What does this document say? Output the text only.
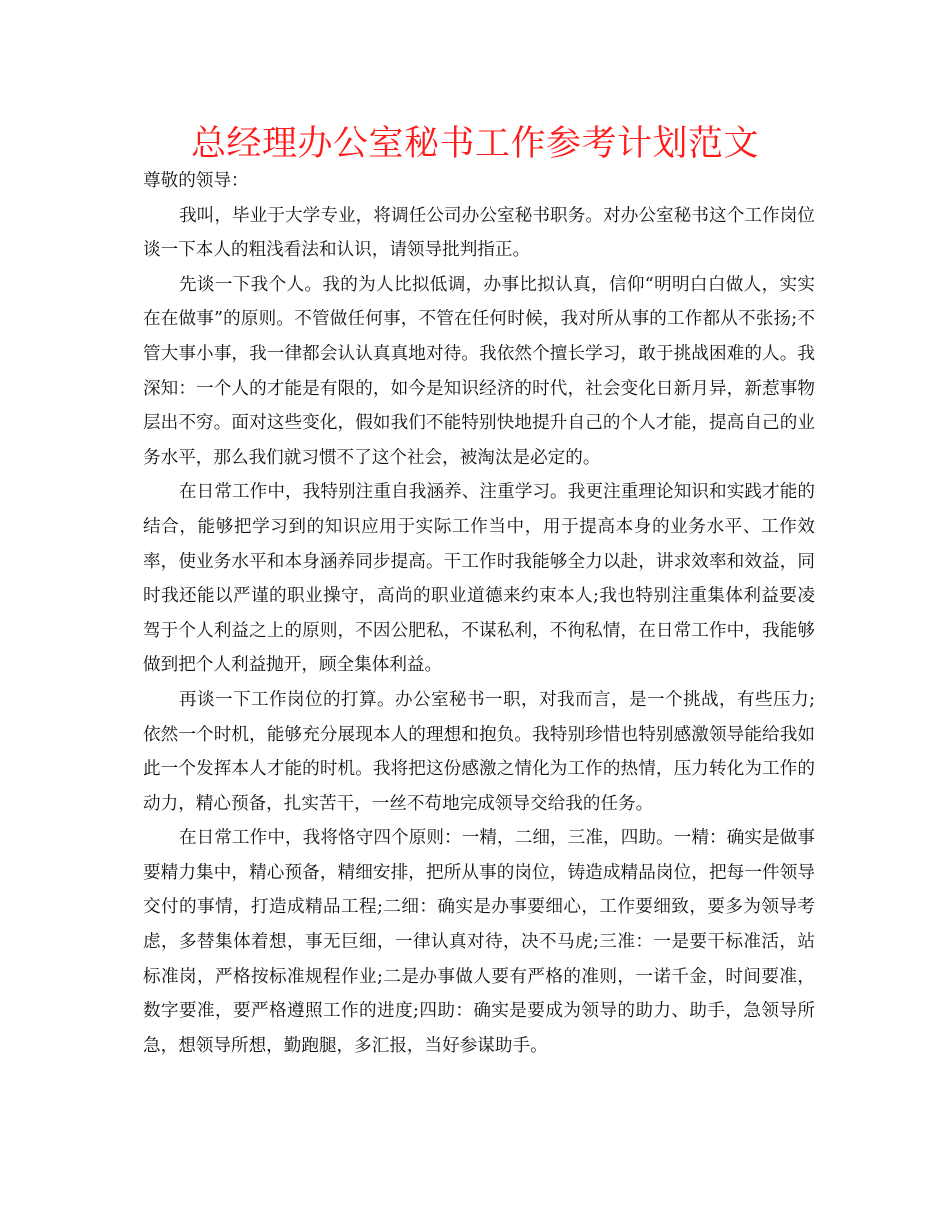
总经理办公室秘书工作参考计划范文

尊敬的领导：

我叫，毕业于大学专业，将调任公司办公室秘书职务。对办公室秘书这个工作岗位谈一下本人的粗浅看法和认识，请领导批判指正。

先谈一下我个人。我的为人比拟低调，办事比拟认真，信仰“明明白白做人，实实在在做事”的原则。不管做任何事，不管在任何时候，我对所从事的工作都从不张扬;不管大事小事，我一律都会认认真真地对待。我依然个擅长学习，敢于挑战困难的人。我深知：一个人的才能是有限的，如今是知识经济的时代，社会变化日新月异，新惹事物层出不穷。面对这些变化，假如我们不能特别快地提升自己的个人才能，提高自己的业务水平，那么我们就习惯不了这个社会，被淘汰是必定的。

在日常工作中，我特别注重自我涵养、注重学习。我更注重理论知识和实践才能的结合，能够把学习到的知识应用于实际工作当中，用于提高本身的业务水平、工作效率，使业务水平和本身涵养同步提高。干工作时我能够全力以赴，讲求效率和效益，同时我还能以严谨的职业操守，高尚的职业道德来约束本人;我也特别注重集体利益要凌驾于个人利益之上的原则，不因公肥私，不谋私利，不徇私情，在日常工作中，我能够做到把个人利益抛开，顾全集体利益。

再谈一下工作岗位的打算。办公室秘书一职，对我而言，是一个挑战，有些压力;依然一个时机，能够充分展现本人的理想和抱负。我特别珍惜也特别感激领导能给我如此一个发挥本人才能的时机。我将把这份感激之情化为工作的热情，压力转化为工作的动力，精心预备，扎实苦干，一丝不苟地完成领导交给我的任务。

在日常工作中，我将恪守四个原则：一精，二细，三准，四助。一精：确实是做事要精力集中，精心预备，精细安排，把所从事的岗位，铸造成精品岗位，把每一件领导交付的事情，打造成精品工程;二细：确实是办事要细心，工作要细致，要多为领导考虑，多替集体着想，事无巨细，一律认真对待，决不马虎;三准：一是要干标准活，站标准岗，严格按标准规程作业;二是办事做人要有严格的准则，一诺千金，时间要准，数字要准，要严格遵照工作的进度;四助：确实是要成为领导的助力、助手，急领导所急，想领导所想，勤跑腿，多汇报，当好参谋助手。
